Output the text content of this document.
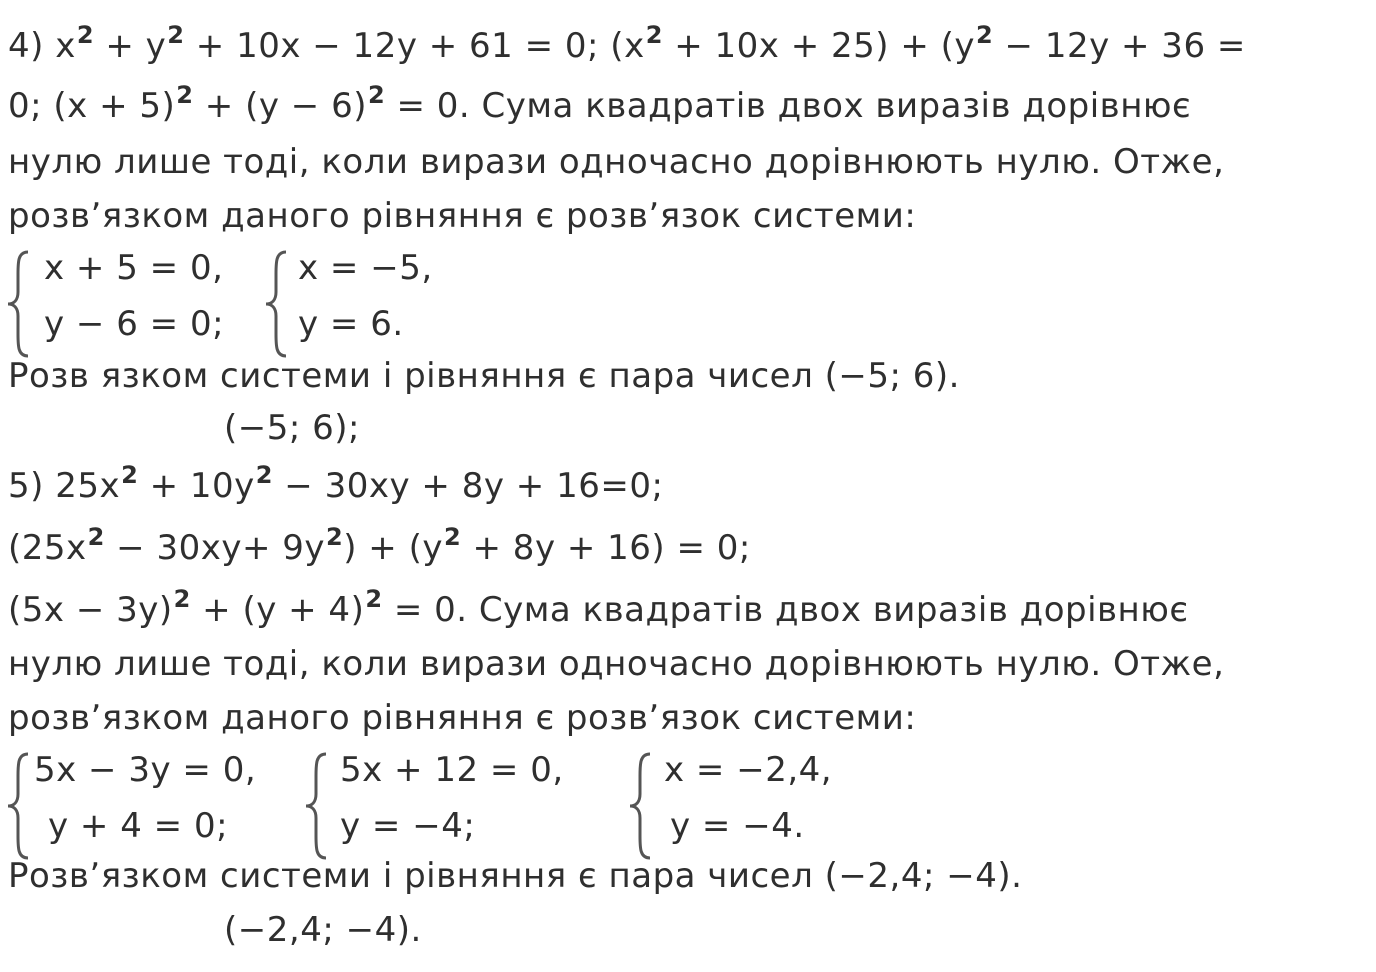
4) $x^2 + y^2 + 10x - 12y + 61 = 0$; $(x^2 + 10x + 25) + (y^2 - 12y + 36$ =
0; $(x + 5)^2 + (y - 6)^2 = 0$. Сума квадратів двох виразів дорівнює
нулю лише тоді, коли вирази одночасно дорівнюють нулю. Отже,
розв’язком даного рівняння є розв’язок системи:
x + 5 = 0,
y − 6 = 0;
x = −5,
y = 6.
Розв язком системи і рівняння є пара чисел (−5; 6).
(−5; 6);
5) $25x^2 + 10y^2 - 30xy + 8y + 16=0$;
$(25x^2 - 30xy+ 9y^2) + (y^2 + 8y + 16) = 0$;
$(5x - 3y)^2 + (y + 4)^2 = 0$. Сума квадратів двох виразів дорівнює
нулю лише тоді, коли вирази одночасно дорівнюють нулю. Отже,
розв’язком даного рівняння є розв’язок системи:
5x − 3y = 0,
y + 4 = 0;
5x + 12 = 0,
y = −4;
x = −2,4,
y = −4.
Розв’язком системи і рівняння є пара чисел (−2,4; −4).
(−2,4; −4).
